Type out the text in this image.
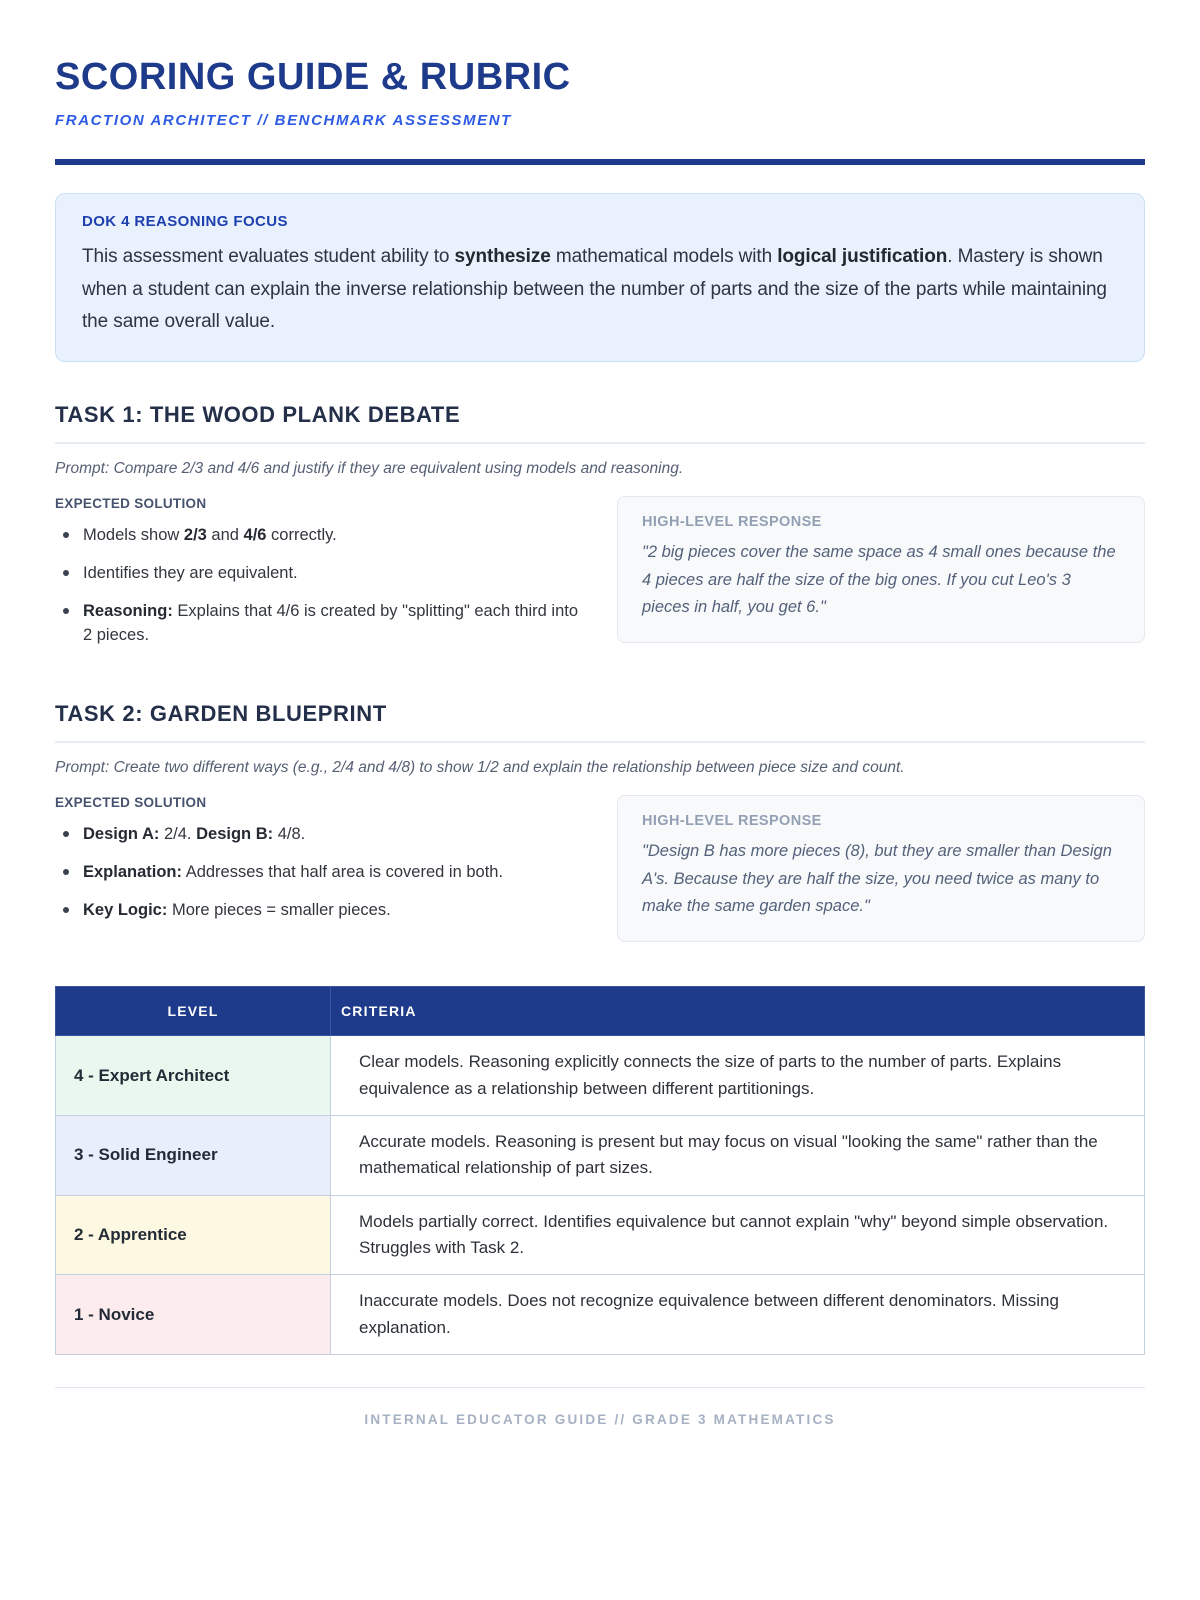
SCORING GUIDE & RUBRIC
FRACTION ARCHITECT // BENCHMARK ASSESSMENT
DOK 4 REASONING FOCUS
This assessment evaluates student ability to synthesize mathematical models with logical justification. Mastery is shown when a student can explain the inverse relationship between the number of parts and the size of the parts while maintaining the same overall value.
TASK 1: THE WOOD PLANK DEBATE
Prompt: Compare 2/3 and 4/6 and justify if they are equivalent using models and reasoning.
EXPECTED SOLUTION
Models show 2/3 and 4/6 correctly.
Identifies they are equivalent.
Reasoning: Explains that 4/6 is created by "splitting" each third into 2 pieces.
HIGH-LEVEL RESPONSE
"2 big pieces cover the same space as 4 small ones because the 4 pieces are half the size of the big ones. If you cut Leo's 3 pieces in half, you get 6."
TASK 2: GARDEN BLUEPRINT
Prompt: Create two different ways (e.g., 2/4 and 4/8) to show 1/2 and explain the relationship between piece size and count.
EXPECTED SOLUTION
Design A: 2/4. Design B: 4/8.
Explanation: Addresses that half area is covered in both.
Key Logic: More pieces = smaller pieces.
HIGH-LEVEL RESPONSE
"Design B has more pieces (8), but they are smaller than Design A's. Because they are half the size, you need twice as many to make the same garden space."
LEVEL	CRITERIA
4 - Expert Architect	Clear models. Reasoning explicitly connects the size of parts to the number of parts. Explains equivalence as a relationship between different partitionings.
3 - Solid Engineer	Accurate models. Reasoning is present but may focus on visual "looking the same" rather than the mathematical relationship of part sizes.
2 - Apprentice	Models partially correct. Identifies equivalence but cannot explain "why" beyond simple observation. Struggles with Task 2.
1 - Novice	Inaccurate models. Does not recognize equivalence between different denominators. Missing explanation.
INTERNAL EDUCATOR GUIDE // GRADE 3 MATHEMATICS
